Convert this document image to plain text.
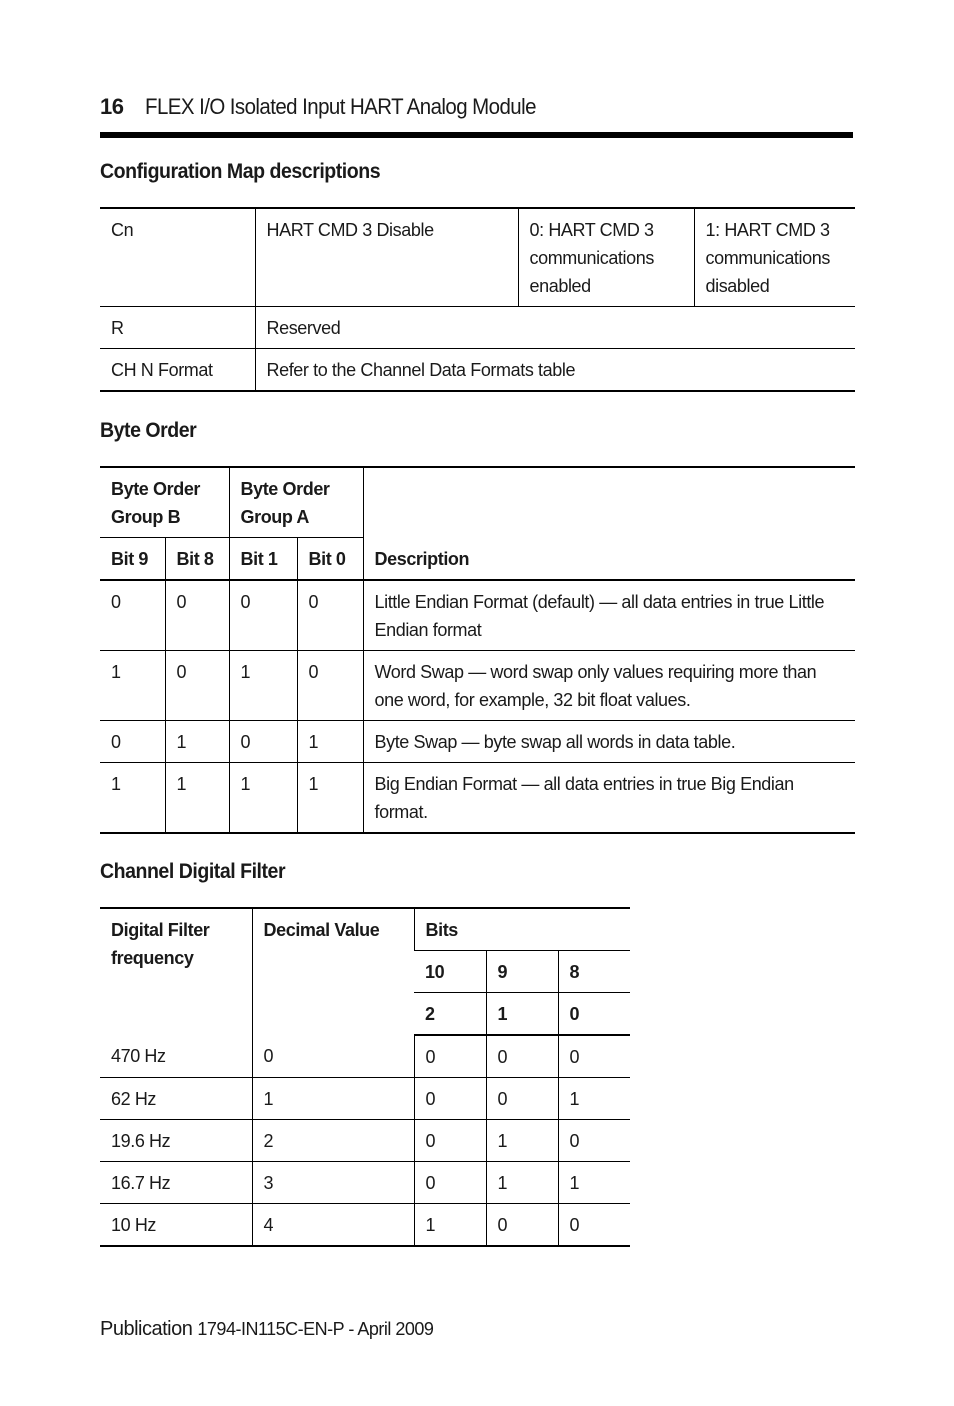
16 FLEX I/O Isolated Input HART Analog Module
Configuration Map descriptions
Cn	HART CMD 3 Disable	0: HART CMD 3 communications enabled	1: HART CMD 3 communications disabled
R	Reserved		
CH N Format	Refer to the Channel Data Formats table		
Byte Order
Byte Order Group B		Byte Order Group A		Description
Bit 9	Bit 8	Bit 1	Bit 0	
0	0	0	0	Little Endian Format (default) — all data entries in true Little Endian format
1	0	1	0	Word Swap — word swap only values requiring more than one word, for example, 32 bit float values.
0	1	0	1	Byte Swap — byte swap all words in data table.
1	1	1	1	Big Endian Format — all data entries in true Big Endian format.
Channel Digital Filter
Digital Filter frequency	Decimal Value	Bits		
		10	9	8
		2	1	0
470 Hz	0	0	0	0
62 Hz	1	0	0	1
19.6 Hz	2	0	1	0
16.7 Hz	3	0	1	1
10 Hz	4	1	0	0
Publication 1794-IN115C-EN-P - April 2009
